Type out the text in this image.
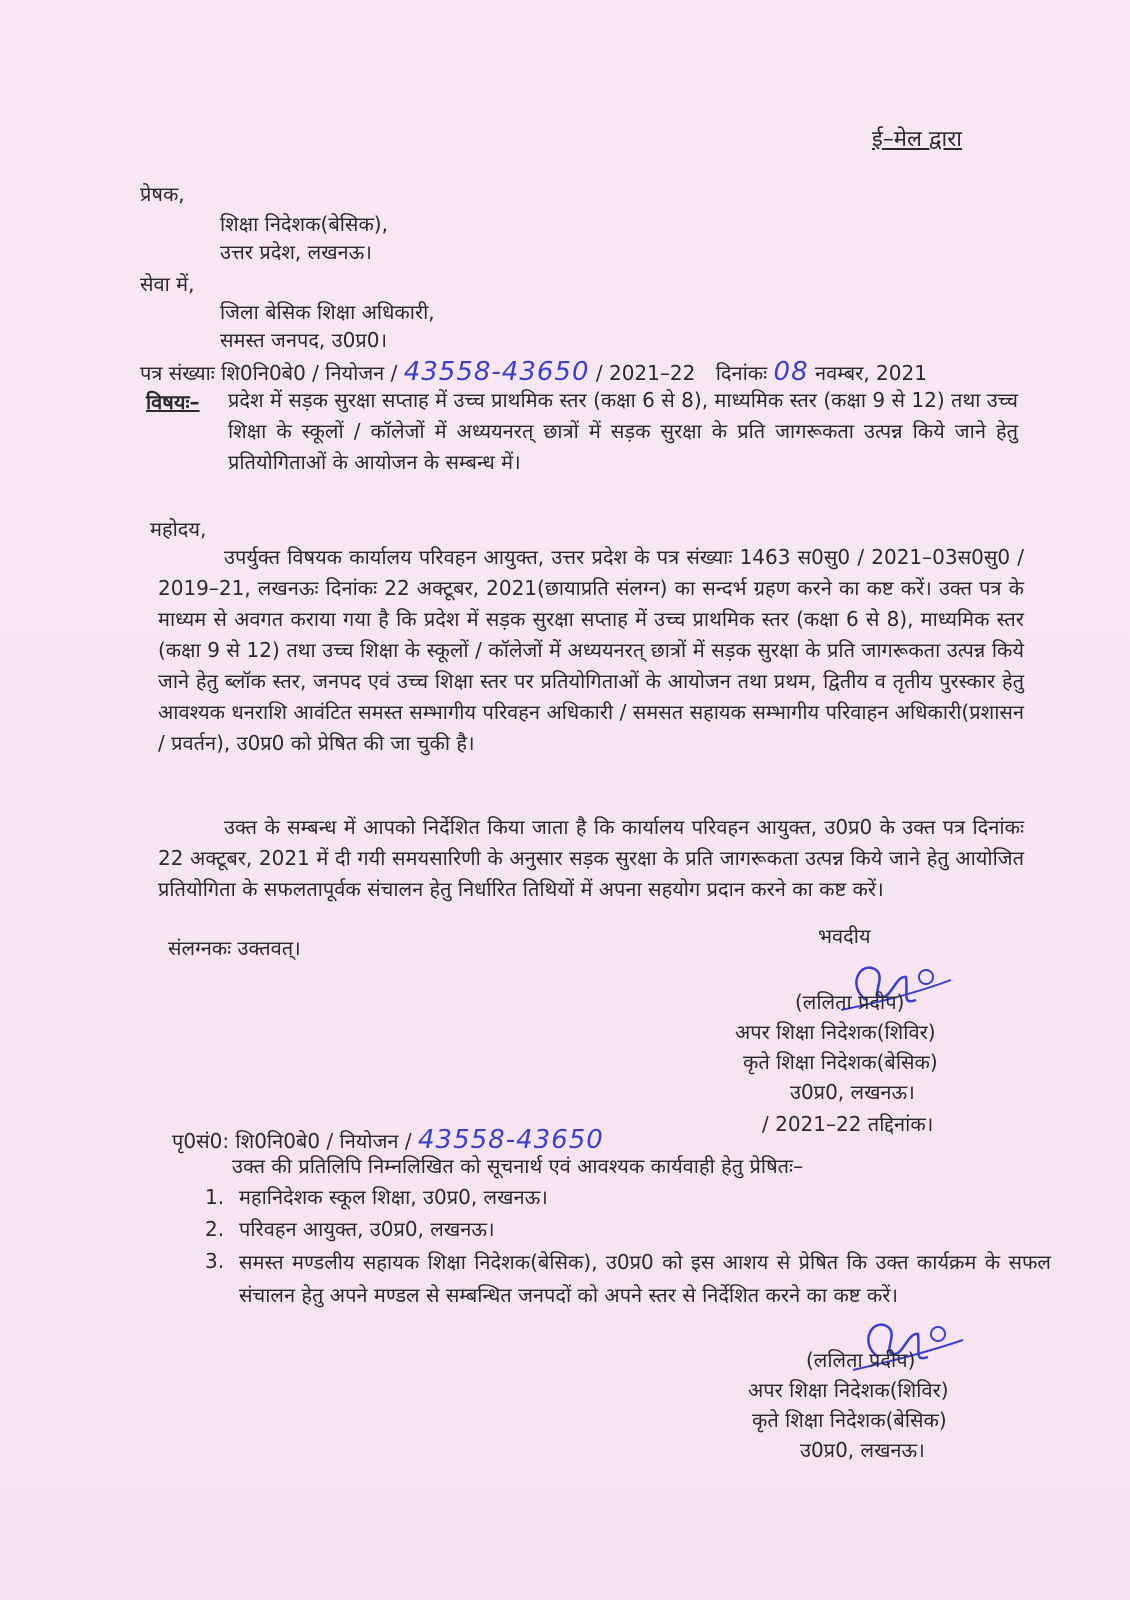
ई–मेल द्वारा
प्रेषक,
शिक्षा निदेशक(बेसिक),
उत्तर प्रदेश, लखनऊ।
सेवा में,
जिला बेसिक शिक्षा अधिकारी,
समस्त जनपद, उ0प्र0।
पत्र संख्याः शि0नि0बे0 / नियोजन / 43558-43650 / 2021–22 दिनांकः 08 नवम्बर, 2021
विषयः– प्रदेश में सड़क सुरक्षा सप्ताह में उच्च प्राथमिक स्तर (कक्षा 6 से 8), माध्यमिक स्तर (कक्षा 9 से 12) तथा उच्च शिक्षा के स्कूलों / कॉलेजों में अध्ययनरत् छात्रों में सड़क सुरक्षा के प्रति जागरूकता उत्पन्न किये जाने हेतु प्रतियोगिताओं के आयोजन के सम्बन्ध में।
महोदय,
उपर्युक्त विषयक कार्यालय परिवहन आयुक्त, उत्तर प्रदेश के पत्र संख्याः 1463 स0सु0 / 2021–03स0सु0 / 2019–21, लखनऊः दिनांकः 22 अक्टूबर, 2021(छायाप्रति संलग्न) का सन्दर्भ ग्रहण करने का कष्ट करें। उक्त पत्र के माध्यम से अवगत कराया गया है कि प्रदेश में सड़क सुरक्षा सप्ताह में उच्च प्राथमिक स्तर (कक्षा 6 से 8), माध्यमिक स्तर (कक्षा 9 से 12) तथा उच्च शिक्षा के स्कूलों / कॉलेजों में अध्ययनरत् छात्रों में सड़क सुरक्षा के प्रति जागरूकता उत्पन्न किये जाने हेतु ब्लॉक स्तर, जनपद एवं उच्च शिक्षा स्तर पर प्रतियोगिताओं के आयोजन तथा प्रथम, द्वितीय व तृतीय पुरस्कार हेतु आवश्यक धनराशि आवंटित समस्त सम्भागीय परिवहन अधिकारी / समसत सहायक सम्भागीय परिवाहन अधिकारी(प्रशासन / प्रवर्तन), उ0प्र0 को प्रेषित की जा चुकी है।
उक्त के सम्बन्ध में आपको निर्देशित किया जाता है कि कार्यालय परिवहन आयुक्त, उ0प्र0 के उक्त पत्र दिनांकः 22 अक्टूबर, 2021 में दी गयी समयसारिणी के अनुसार सड़क सुरक्षा के प्रति जागरूकता उत्पन्न किये जाने हेतु आयोजित प्रतियोगिता के सफलतापूर्वक संचालन हेतु निर्धारित तिथियों में अपना सहयोग प्रदान करने का कष्ट करें।
भवदीय
संलग्नकः उक्तवत्।
(ललिता प्रदीप)
अपर शिक्षा निदेशक(शिविर)
कृते शिक्षा निदेशक(बेसिक)
उ0प्र0, लखनऊ।
पृ0सं0: शि0नि0बे0 / नियोजन / 43558-43650
/ 2021–22 तद्दिनांक।
उक्त की प्रतिलिपि निम्नलिखित को सूचनार्थ एवं आवश्यक कार्यवाही हेतु प्रेषितः–
1. महानिदेशक स्कूल शिक्षा, उ0प्र0, लखनऊ।
2. परिवहन आयुक्त, उ0प्र0, लखनऊ।
3. समस्त मण्डलीय सहायक शिक्षा निदेशक(बेसिक), उ0प्र0 को इस आशय से प्रेषित कि उक्त कार्यक्रम के सफल संचालन हेतु अपने मण्डल से सम्बन्धित जनपदों को अपने स्तर से निर्देशित करने का कष्ट करें।
(ललिता प्रदीप)
अपर शिक्षा निदेशक(शिविर)
कृते शिक्षा निदेशक(बेसिक)
उ0प्र0, लखनऊ।
